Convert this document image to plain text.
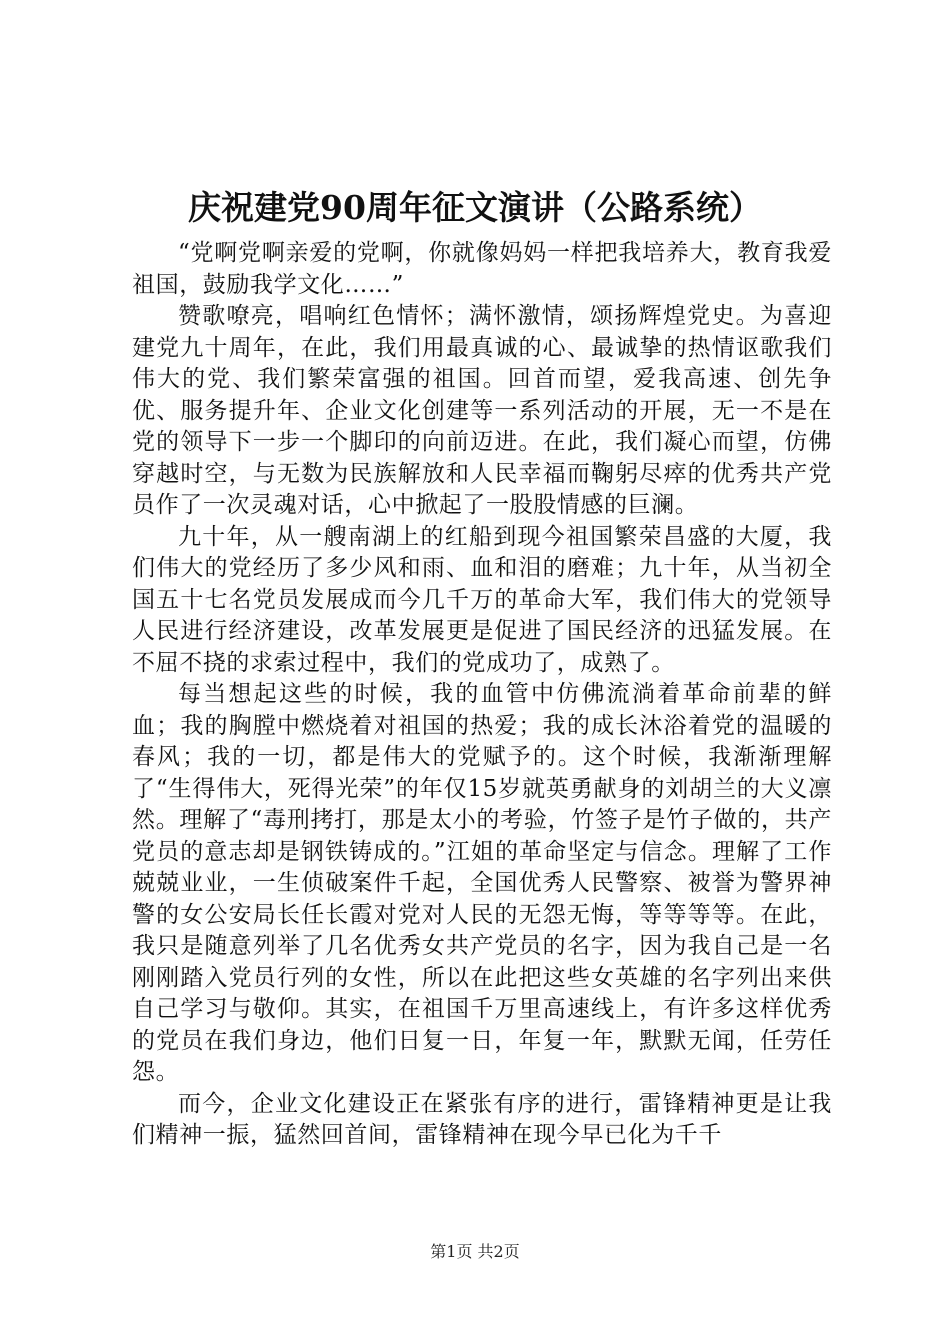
庆祝建党90周年征文演讲（公路系统）

“党啊党啊亲爱的党啊，你就像妈妈一样把我培养大，教育我爱祖国，鼓励我学文化……”

赞歌嘹亮，唱响红色情怀；满怀激情，颂扬辉煌党史。为喜迎建党九十周年，在此，我们用最真诚的心、最诚挚的热情讴歌我们伟大的党、我们繁荣富强的祖国。回首而望，爱我高速、创先争优、服务提升年、企业文化创建等一系列活动的开展，无一不是在党的领导下一步一个脚印的向前迈进。在此，我们凝心而望，仿佛穿越时空，与无数为民族解放和人民幸福而鞠躬尽瘁的优秀共产党员作了一次灵魂对话，心中掀起了一股股情感的巨澜。

九十年，从一艘南湖上的红船到现今祖国繁荣昌盛的大厦，我们伟大的党经历了多少风和雨、血和泪的磨难；九十年，从当初全国五十七名党员发展成而今几千万的革命大军，我们伟大的党领导人民进行经济建设，改革发展更是促进了国民经济的迅猛发展。在不屈不挠的求索过程中，我们的党成功了，成熟了。

每当想起这些的时候，我的血管中仿佛流淌着革命前辈的鲜血；我的胸膛中燃烧着对祖国的热爱；我的成长沐浴着党的温暖的春风；我的一切，都是伟大的党赋予的。这个时候，我渐渐理解了“生得伟大，死得光荣”的年仅15岁就英勇献身的刘胡兰的大义凛然。理解了“毒刑拷打，那是太小的考验，竹签子是竹子做的，共产党员的意志却是钢铁铸成的。”江姐的革命坚定与信念。理解了工作兢兢业业，一生侦破案件千起，全国优秀人民警察、被誉为警界神警的女公安局长任长霞对党对人民的无怨无悔，等等等等。在此，我只是随意列举了几名优秀女共产党员的名字，因为我自己是一名刚刚踏入党员行列的女性，所以在此把这些女英雄的名字列出来供自己学习与敬仰。其实，在祖国千万里高速线上，有许多这样优秀的党员在我们身边，他们日复一日，年复一年，默默无闻，任劳任怨。

而今，企业文化建设正在紧张有序的进行，雷锋精神更是让我们精神一振，猛然回首间，雷锋精神在现今早已化为千千

第1页 共2页
